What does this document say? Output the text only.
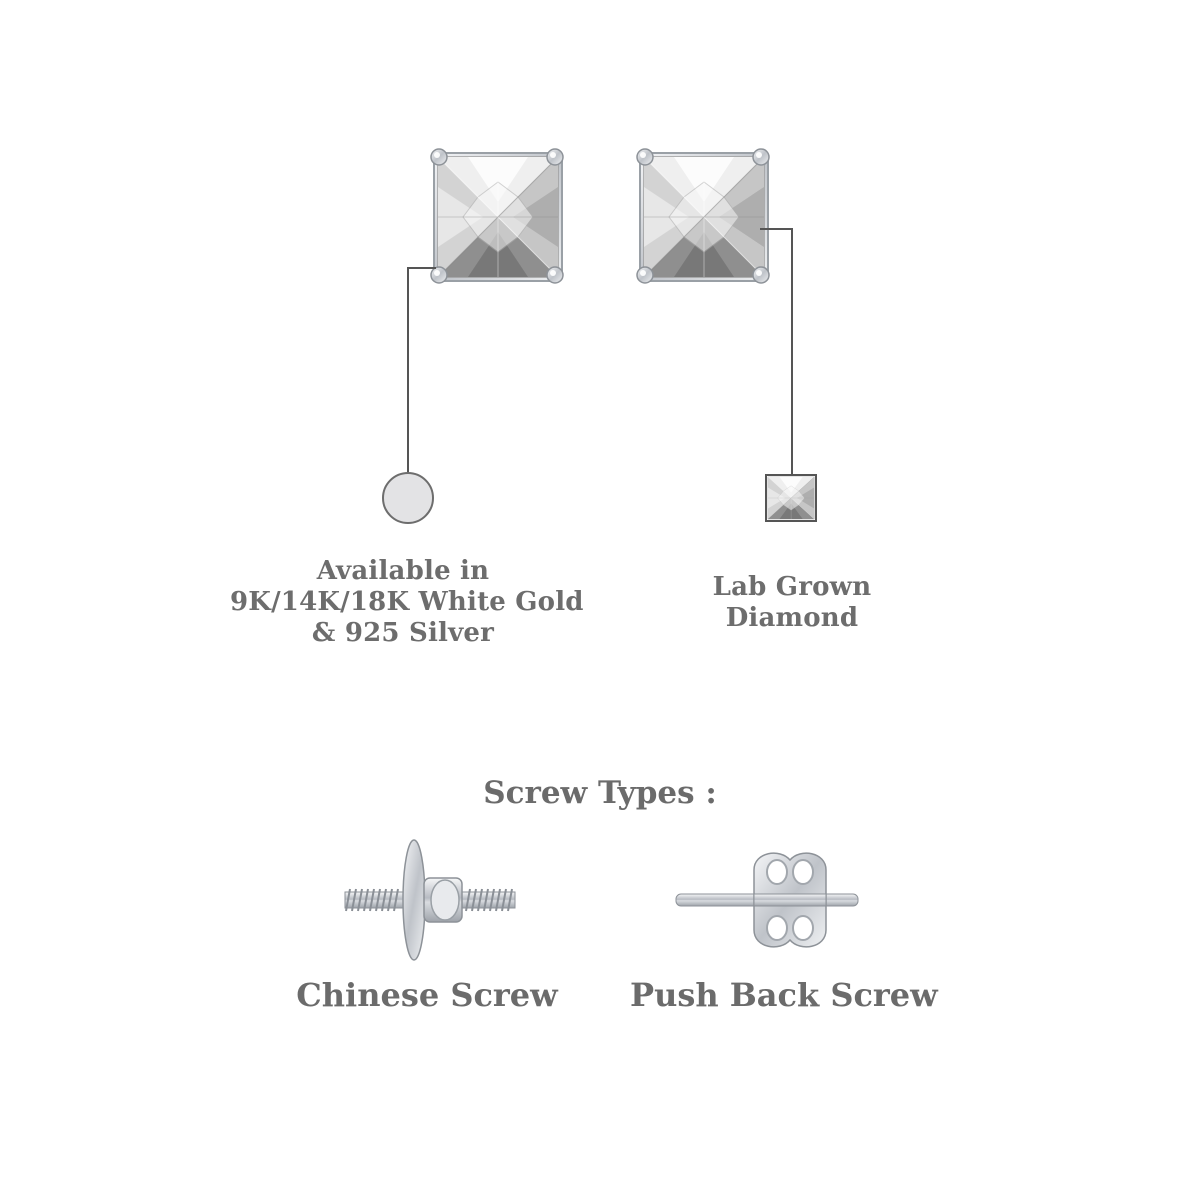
Available in
9K/14K/18K White Gold
& 925 Silver
Lab Grown
Diamond
Screw Types :
Chinese Screw Push Back Screw
